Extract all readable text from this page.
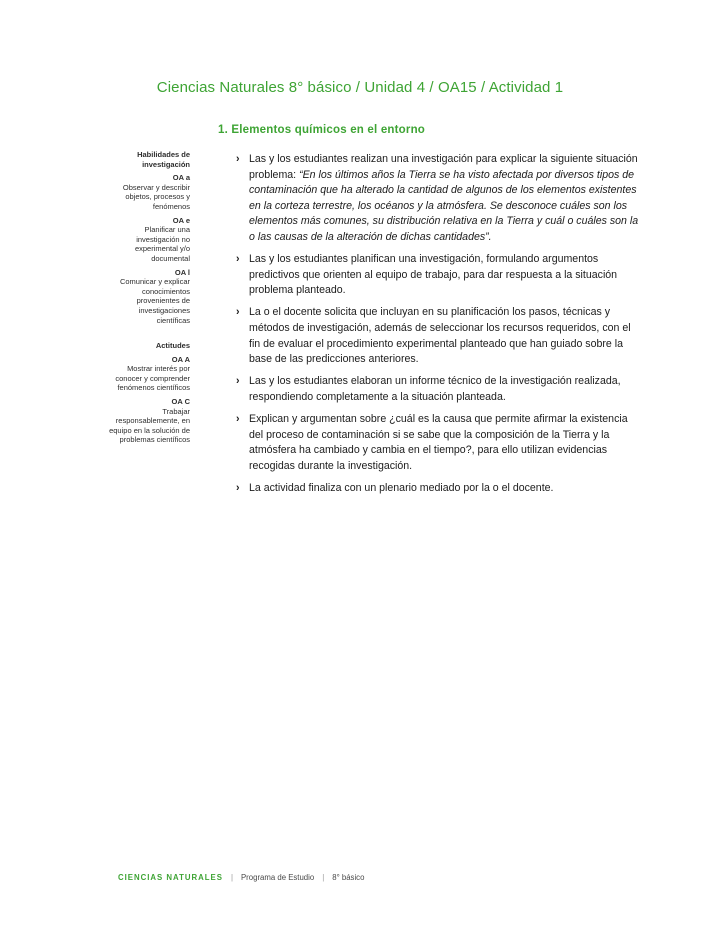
Ciencias Naturales 8° básico / Unidad 4 / OA15 / Actividad 1
1. Elementos químicos en el entorno
Habilidades de investigación
OA a
Observar y describir objetos, procesos y fenómenos
OA e
Planificar una investigación no experimental y/o documental
OA l
Comunicar y explicar conocimientos provenientes de investigaciones científicas
Actitudes
OA A
Mostrar interés por conocer y comprender fenómenos científicos
OA C
Trabajar responsablemente, en equipo en la solución de problemas científicos
› Las y los estudiantes realizan una investigación para explicar la siguiente situación problema: “En los últimos años la Tierra se ha visto afectada por diversos tipos de contaminación que ha alterado la cantidad de algunos de los elementos existentes en la corteza terrestre, los océanos y la atmósfera. Se desconoce cuáles son los elementos más comunes, su distribución relativa en la Tierra y cuál o cuáles son la o las causas de la alteración de dichas cantidades”.
› Las y los estudiantes planifican una investigación, formulando argumentos predictivos que orienten al equipo de trabajo, para dar respuesta a la situación problema planteado.
› La o el docente solicita que incluyan en su planificación los pasos, técnicas y métodos de investigación, además de seleccionar los recursos requeridos, con el fin de evaluar el procedimiento experimental planteado que han guiado sobre la base de las predicciones anteriores.
› Las y los estudiantes elaboran un informe técnico de la investigación realizada, respondiendo completamente a la situación planteada.
› Explican y argumentan sobre ¿cuál es la causa que permite afirmar la existencia del proceso de contaminación si se sabe que la composición de la Tierra y la atmósfera ha cambiado y cambia en el tiempo?, para ello utilizan evidencias recogidas durante la investigación.
› La actividad finaliza con un plenario mediado por la o el docente.
CIENCIAS NATURALES | Programa de Estudio | 8° básico
